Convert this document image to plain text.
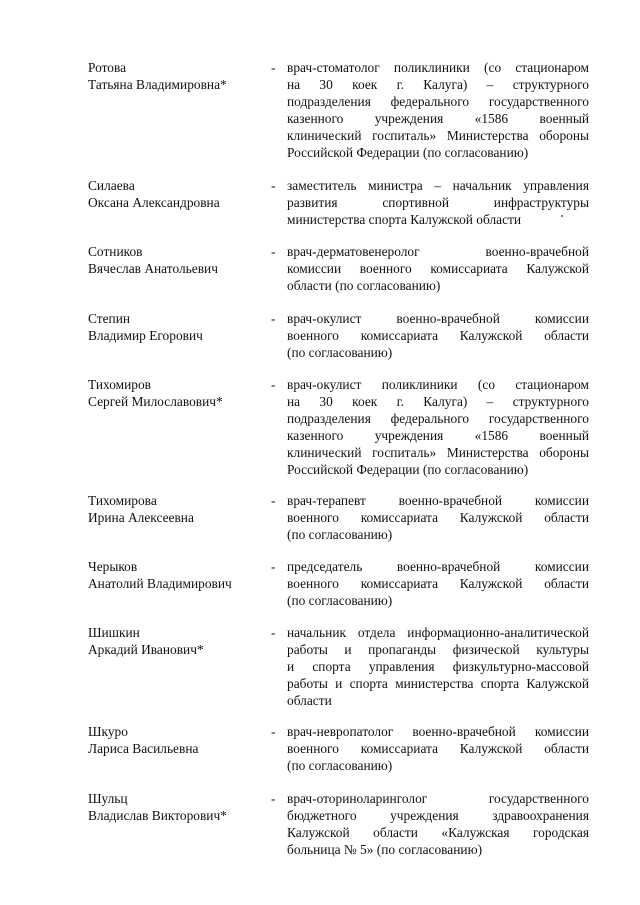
Ротова
Татьяна Владимировна*
- врач-стоматолог поликлиники (со стационаром
на 30 коек г. Калуга) – структурного
подразделения федерального государственного
казенного учреждения «1586 военный
клинический госпиталь» Министерства обороны
Российской Федерации (по согласованию)
Силаева
Оксана Александровна
- заместитель министра – начальник управления
развития спортивной инфраструктуры
министерства спорта Калужской области
Сотников
Вячеслав Анатольевич
- врач-дерматовенеролог военно-врачебной
комиссии военного комиссариата Калужской
области (по согласованию)
Степин
Владимир Егорович
- врач-окулист военно-врачебной комиссии
военного комиссариата Калужской области
(по согласованию)
Тихомиров
Сергей Милославович*
- врач-окулист поликлиники (со стационаром
на 30 коек г. Калуга) – структурного
подразделения федерального государственного
казенного учреждения «1586 военный
клинический госпиталь» Министерства обороны
Российской Федерации (по согласованию)
Тихомирова
Ирина Алексеевна
- врач-терапевт военно-врачебной комиссии
военного комиссариата Калужской области
(по согласованию)
Черыков
Анатолий Владимирович
- председатель военно-врачебной комиссии
военного комиссариата Калужской области
(по согласованию)
Шишкин
Аркадий Иванович*
- начальник отдела информационно-аналитической
работы и пропаганды физической культуры
и спорта управления физкультурно-массовой
работы и спорта министерства спорта Калужской
области
Шкуро
Лариса Васильевна
- врач-невропатолог военно-врачебной комиссии
военного комиссариата Калужской области
(по согласованию)
Шульц
Владислав Викторович*
- врач-оториноларинголог государственного
бюджетного учреждения здравоохранения
Калужской области «Калужская городская
больница № 5» (по согласованию)
